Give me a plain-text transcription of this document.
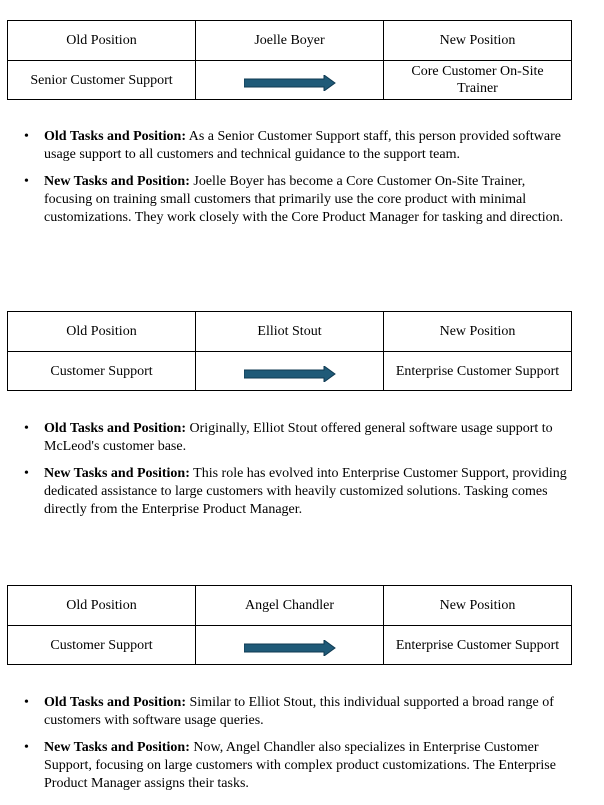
Old Position	Joelle Boyer	New Position
Senior Customer Support		Core Customer On-Site Trainer
•	Old Tasks and Position: As a Senior Customer Support staff, this person provided software usage support to all customers and technical guidance to the support team.
•	New Tasks and Position: Joelle Boyer has become a Core Customer On-Site Trainer, focusing on training small customers that primarily use the core product with minimal customizations. They work closely with the Core Product Manager for tasking and direction.
Old Position	Elliot Stout	New Position
Customer Support		Enterprise Customer Support
•	Old Tasks and Position: Originally, Elliot Stout offered general software usage support to McLeod's customer base.
•	New Tasks and Position: This role has evolved into Enterprise Customer Support, providing dedicated assistance to large customers with heavily customized solutions. Tasking comes directly from the Enterprise Product Manager.
Old Position	Angel Chandler	New Position
Customer Support		Enterprise Customer Support
•	Old Tasks and Position: Similar to Elliot Stout, this individual supported a broad range of customers with software usage queries.
•	New Tasks and Position: Now, Angel Chandler also specializes in Enterprise Customer Support, focusing on large customers with complex product customizations. The Enterprise Product Manager assigns their tasks.
